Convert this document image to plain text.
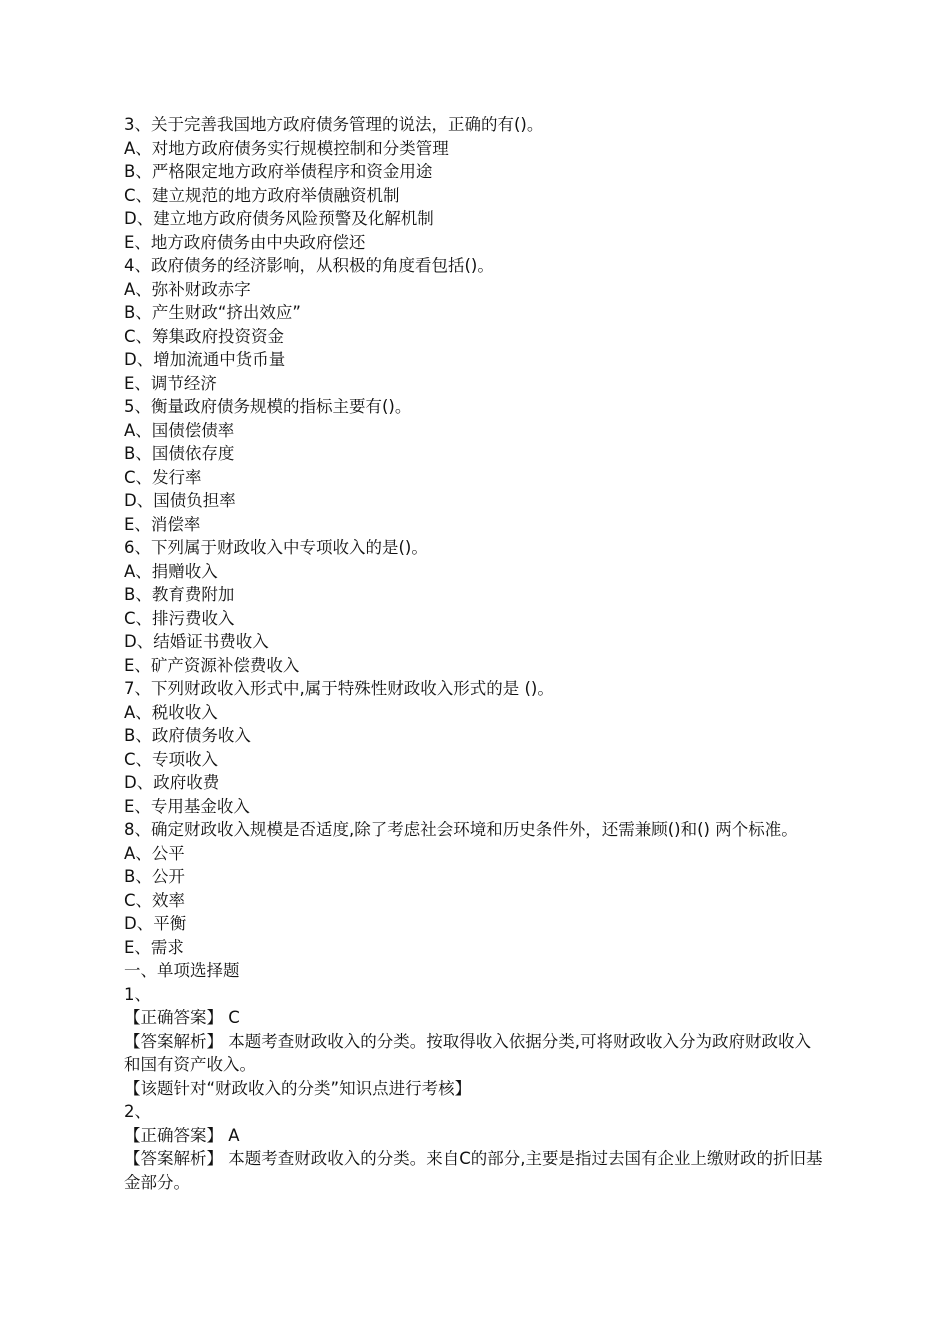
3、关于完善我国地方政府债务管理的说法，正确的有()。
A、对地方政府债务实行规模控制和分类管理
B、严格限定地方政府举债程序和资金用途
C、建立规范的地方政府举债融资机制
D、建立地方政府债务风险预警及化解机制
E、地方政府债务由中央政府偿还
4、政府债务的经济影响，从积极的角度看包括()。
A、弥补财政赤字
B、产生财政“挤出效应”
C、筹集政府投资资金
D、增加流通中货币量
E、调节经济
5、衡量政府债务规模的指标主要有()。
A、国债偿债率
B、国债依存度
C、发行率
D、国债负担率
E、消偿率
6、下列属于财政收入中专项收入的是()。
A、捐赠收入
B、教育费附加
C、排污费收入
D、结婚证书费收入
E、矿产资源补偿费收入
7、下列财政收入形式中,属于特殊性财政收入形式的是 ()。
A、税收收入
B、政府债务收入
C、专项收入
D、政府收费
E、专用基金收入
8、确定财政收入规模是否适度,除了考虑社会环境和历史条件外，还需兼顾()和() 两个标准。
A、公平
B、公开
C、效率
D、平衡
E、需求
一、单项选择题
1、
【正确答案】 C
【答案解析】 本题考查财政收入的分类。按取得收入依据分类,可将财政收入分为政府财政收入和国有资产收入。
【该题针对“财政收入的分类”知识点进行考核】
2、
【正确答案】 A
【答案解析】 本题考查财政收入的分类。来自C的部分,主要是指过去国有企业上缴财政的折旧基金部分。
